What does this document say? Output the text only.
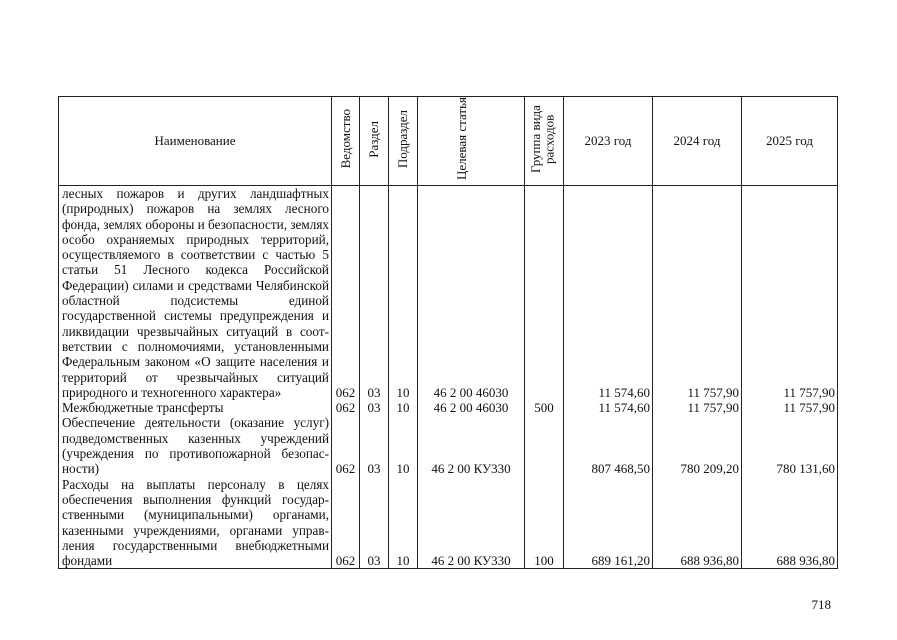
Наименование	Ведомство	Раздел	Подраздел	Целевая статья	Группа вида расходов	2023 год	2024 год	2025 год
лесных пожаров и других ландшафтных (природных) пожаров на землях лесного фонда, землях обороны и безопасности, землях особо охраняемых природных территорий, осуществляемого в соответствии с частью 5 статьи 51 Лесного кодекса Российской Федерации) силами и средствами Челябинской областной подсистемы единой государственной системы предупреждения и ликвидации чрезвычайных ситуаций в соответствии с полномочиями, установленными Федеральным законом «О защите населения и территорий от чрезвычайных ситуаций природного и техногенного характера»	062	03	10	46 2 00 46030		11 574,60	11 757,90	11 757,90
Межбюджетные трансферты	062	03	10	46 2 00 46030	500	11 574,60	11 757,90	11 757,90
Обеспечение деятельности (оказание услуг) подведомственных казенных учреждений (учреждения по противопожарной безопасности)	062	03	10	46 2 00 КУ330		807 468,50	780 209,20	780 131,60
Расходы на выплаты персоналу в целях обеспечения выполнения функций государственными (муниципальными) органами, казенными учреждениями, органами управления государственными внебюджетными фондами	062	03	10	46 2 00 КУ330	100	689 161,20	688 936,80	688 936,80
718
